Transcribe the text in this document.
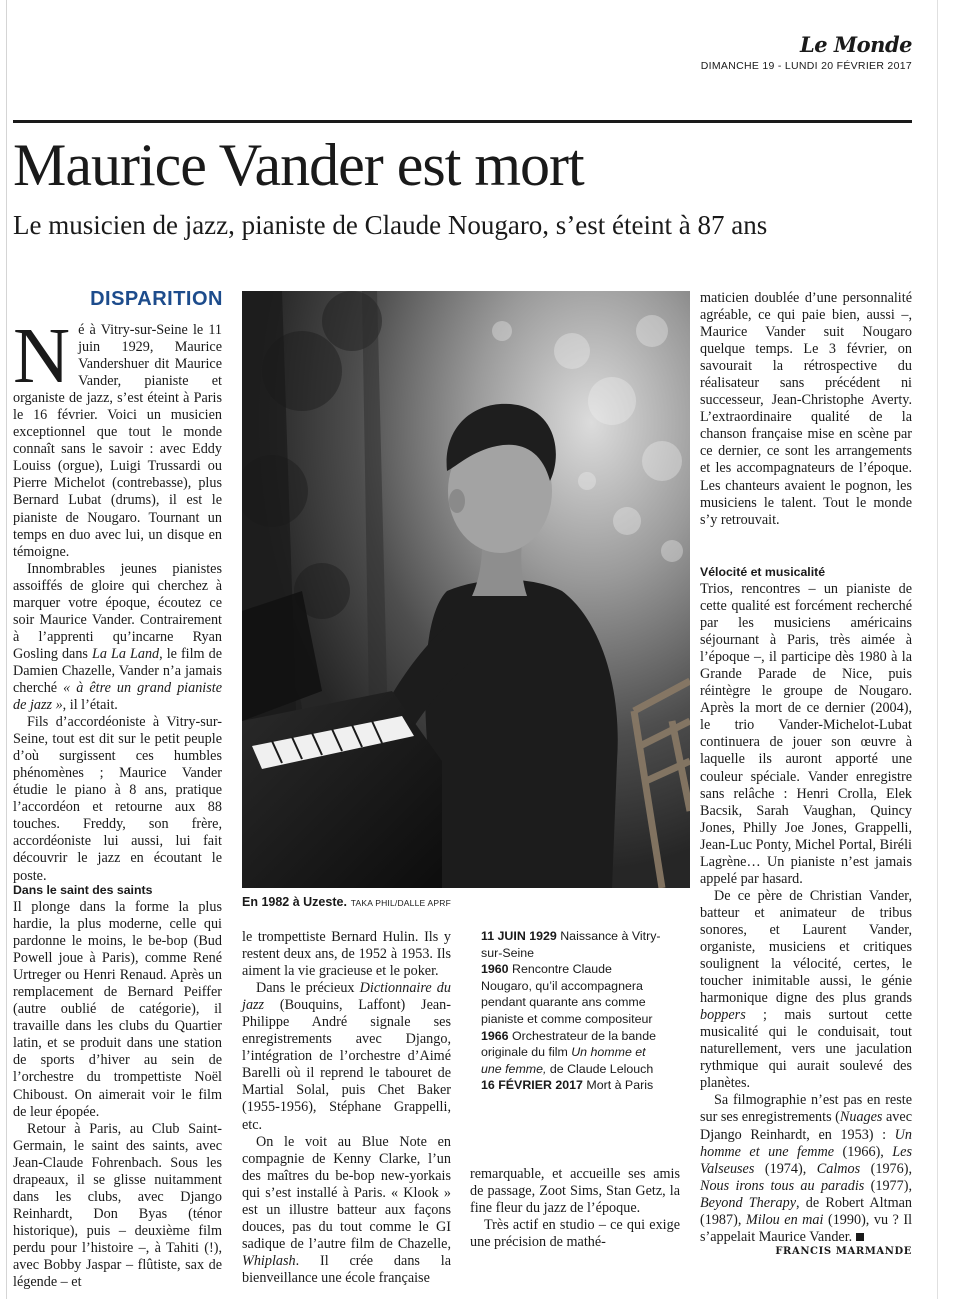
Le Monde
DIMANCHE 19 - LUNDI 20 FÉVRIER 2017
Maurice Vander est mort
Le musicien de jazz, pianiste de Claude Nougaro, s’est éteint à 87 ans
DISPARITION

Né à Vitry-sur-Seine le 11 juin 1929, Maurice Vandershuer dit Maurice Vander, pianiste et organiste de jazz, s’est éteint à Paris le 16 février. Voici un musicien exceptionnel que tout le monde connaît sans le savoir : avec Eddy Louiss (orgue), Luigi Trussardi ou Pierre Michelot (contrebasse), plus Bernard Lubat (drums), il est le pianiste de Nougaro. Tournant un temps en duo avec lui, un disque en témoigne.

Innombrables jeunes pianistes assoiffés de gloire qui cherchez à marquer votre époque, écoutez ce soir Maurice Vander. Contrairement à l’apprenti qu’incarne Ryan Gosling dans La La Land, le film de Damien Chazelle, Vander n’a jamais cherché « à être un grand pianiste de jazz », il l’était.

Fils d’accordéoniste à Vitry-sur-Seine, tout est dit sur le petit peuple d’où surgissent ces humbles phénomènes ; Maurice Vander étudie le piano à 8 ans, pratique l’accordéon et retourne aux 88 touches. Freddy, son frère, accordéoniste lui aussi, lui fait découvrir le jazz en écoutant le poste.

Dans le saint des saints

Il plonge dans la forme la plus hardie, la plus moderne, celle qui pardonne le moins, le be-bop (Bud Powell joue à Paris), comme René Urtreger ou Henri Renaud. Après un remplacement de Bernard Peiffer (autre oublié de catégorie), il travaille dans les clubs du Quartier latin, et se produit dans une station de sports d’hiver au sein de l’orchestre du trompettiste Noël Chiboust. On aimerait voir le film de leur épopée.

Retour à Paris, au Club Saint-Germain, le saint des saints, avec Jean-Claude Fohrenbach. Sous les drapeaux, il se glisse nuitamment dans les clubs, avec Django Reinhardt, Don Byas (ténor historique), puis – deuxième film perdu pour l’histoire –, à Tahiti (!), avec Bobby Jaspar – flûtiste, sax de légende – et

En 1982 à Uzeste. TAKA PHIL/DALLE APRF

le trompettiste Bernard Hulin. Ils y restent deux ans, de 1952 à 1953. Ils aiment la vie gracieuse et le poker.

Dans le précieux Dictionnaire du jazz (Bouquins, Laffont) Jean-Philippe André signale ses enregistrements avec Django, l’intégration de l’orchestre d’Aimé Barelli où il reprend le tabouret de Martial Solal, puis Chet Baker (1955-1956), Stéphane Grappelli, etc.

On le voit au Blue Note en compagnie de Kenny Clarke, l’un des maîtres du be-bop new-yorkais qui s’est installé à Paris. « Klook » est un illustre batteur aux façons douces, pas du tout comme le GI sadique de l’autre film de Chazelle, Whiplash. Il crée dans la bienveillance une école française

11 JUIN 1929 Naissance à Vitry-sur-Seine
1960 Rencontre Claude Nougaro, qu’il accompagnera pendant quarante ans comme pianiste et comme compositeur
1966 Orchestrateur de la bande originale du film Un homme et une femme, de Claude Lelouch
16 FÉVRIER 2017 Mort à Paris

remarquable, et accueille ses amis de passage, Zoot Sims, Stan Getz, la fine fleur du jazz de l’époque.

Très actif en studio – ce qui exige une précision de mathé-

maticien doublée d’une personnalité agréable, ce qui paie bien, aussi –, Maurice Vander suit Nougaro quelque temps. Le 3 février, on savourait la rétrospective du réalisateur sans précédent ni successeur, Jean-Christophe Averty. L’extraordinaire qualité de la chanson française mise en scène par ce dernier, ce sont les arrangements et les accompagnateurs de l’époque. Les chanteurs avaient le pognon, les musiciens le talent. Tout le monde s’y retrouvait.

Vélocité et musicalité

Trios, rencontres – un pianiste de cette qualité est forcément recherché par les musiciens américains séjournant à Paris, très aimée à l’époque –, il participe dès 1980 à la Grande Parade de Nice, puis réintègre le groupe de Nougaro. Après la mort de ce dernier (2004), le trio Vander-Michelot-Lubat continuera de jouer son œuvre à laquelle ils auront apporté une couleur spéciale. Vander enregistre sans relâche : Henri Crolla, Elek Bacsik, Sarah Vaughan, Quincy Jones, Philly Joe Jones, Grappelli, Jean-Luc Ponty, Michel Portal, Biréli Lagrène… Un pianiste n’est jamais appelé par hasard.

De ce père de Christian Vander, batteur et animateur de tribus sonores, et Laurent Vander, organiste, musiciens et critiques soulignent la vélocité, certes, le toucher inimitable aussi, le génie harmonique digne des plus grands boppers ; mais surtout cette musicalité qui le conduisait, tout naturellement, vers une jaculation rythmique qui aurait soulevé des planètes.

Sa filmographie n’est pas en reste sur ses enregistrements (Nuages avec Django Reinhardt, en 1953) : Un homme et une femme (1966), Les Valseuses (1974), Calmos (1976), Nous irons tous au paradis (1977), Beyond Therapy, de Robert Altman (1987), Milou en mai (1990), vu ? Il s’appelait Maurice Vander.

FRANCIS MARMANDE
